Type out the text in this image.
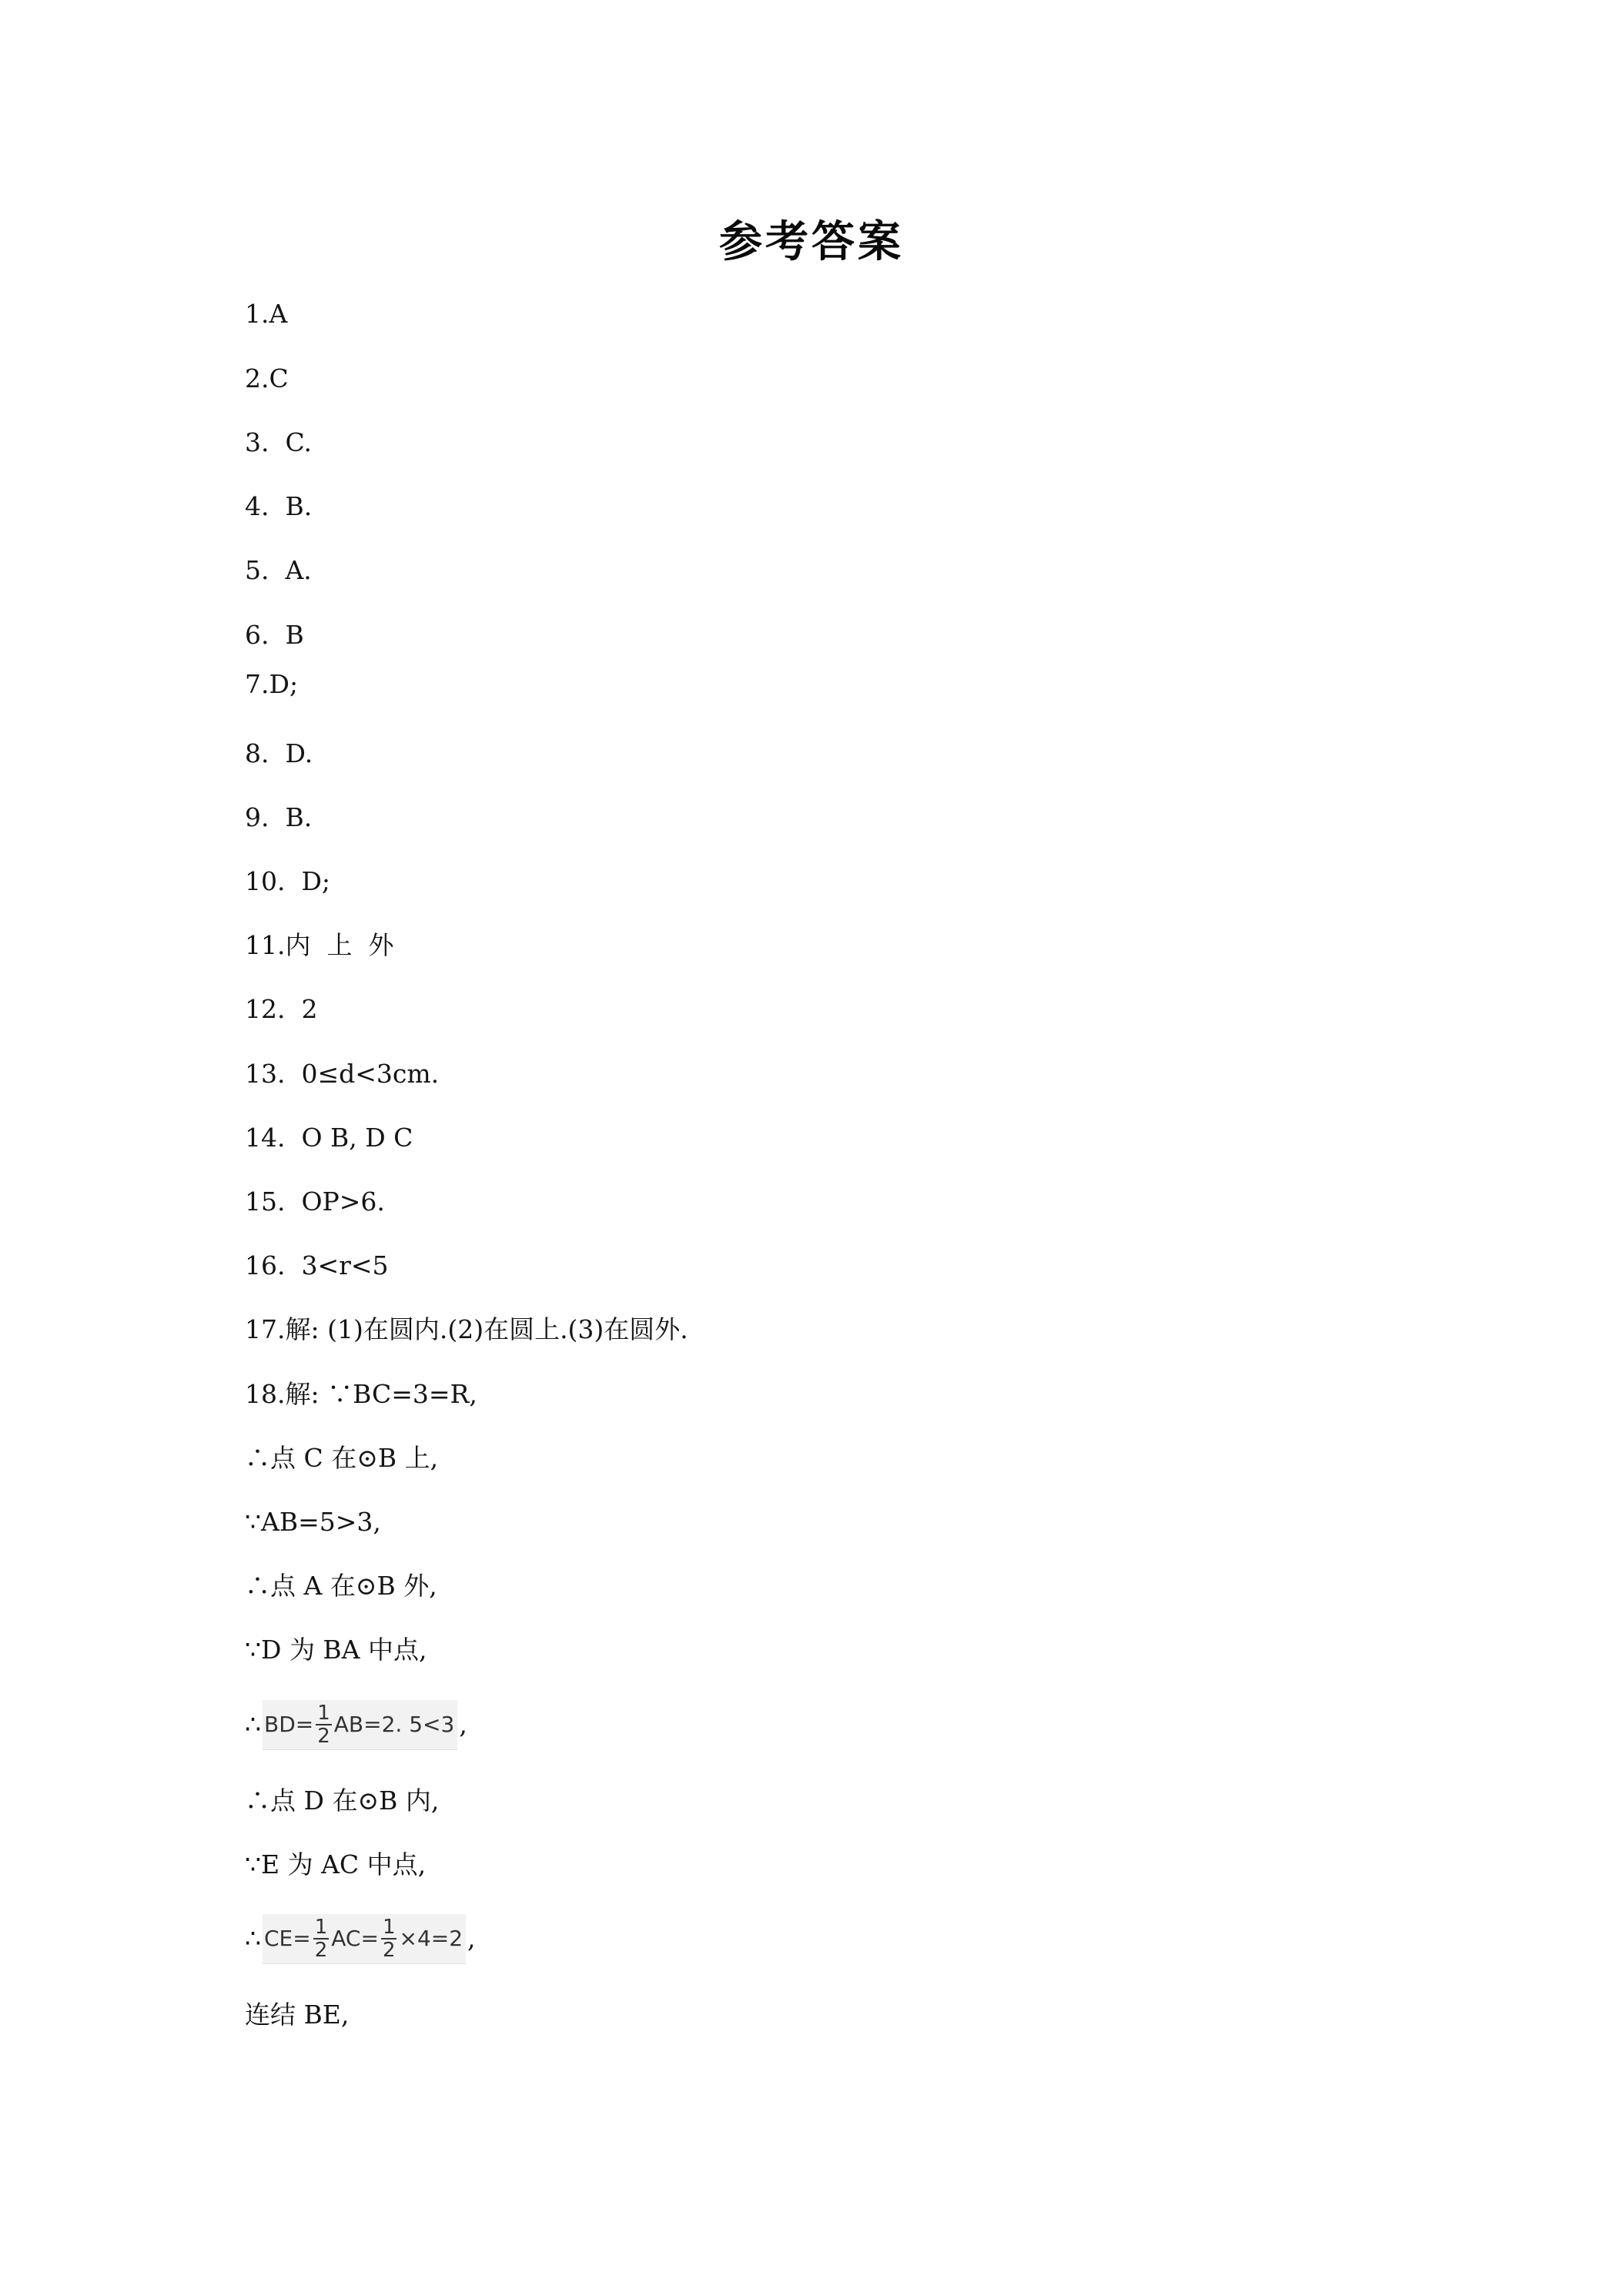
参考答案
1.A
2.C
3.  C.
4.  B.
5.  A.
6.  B
7.D;
8.  D.
9.  B.
10.  D;
11.内  上  外
12.  2
13.  0≤d<3cm.
14.  O B, D C
15.  OP>6.
16.  3<r<5
17.解: (1)在圆内.(2)在圆上.(3)在圆外.
18.解: ∵BC=3=R,
∴点 C 在⊙B 上,
∵AB=5>3,
∴点 A 在⊙B 外,
∵D 为 BA 中点,
∴ $BD= \frac{1}{2} AB=2$. 5<3 ,
∴点 D 在⊙B 内,
∵E 为 AC 中点,
∴ $CE= \frac{1}{2} AC= \frac{1}{2} \times 4=2$ ,
连结 BE,
